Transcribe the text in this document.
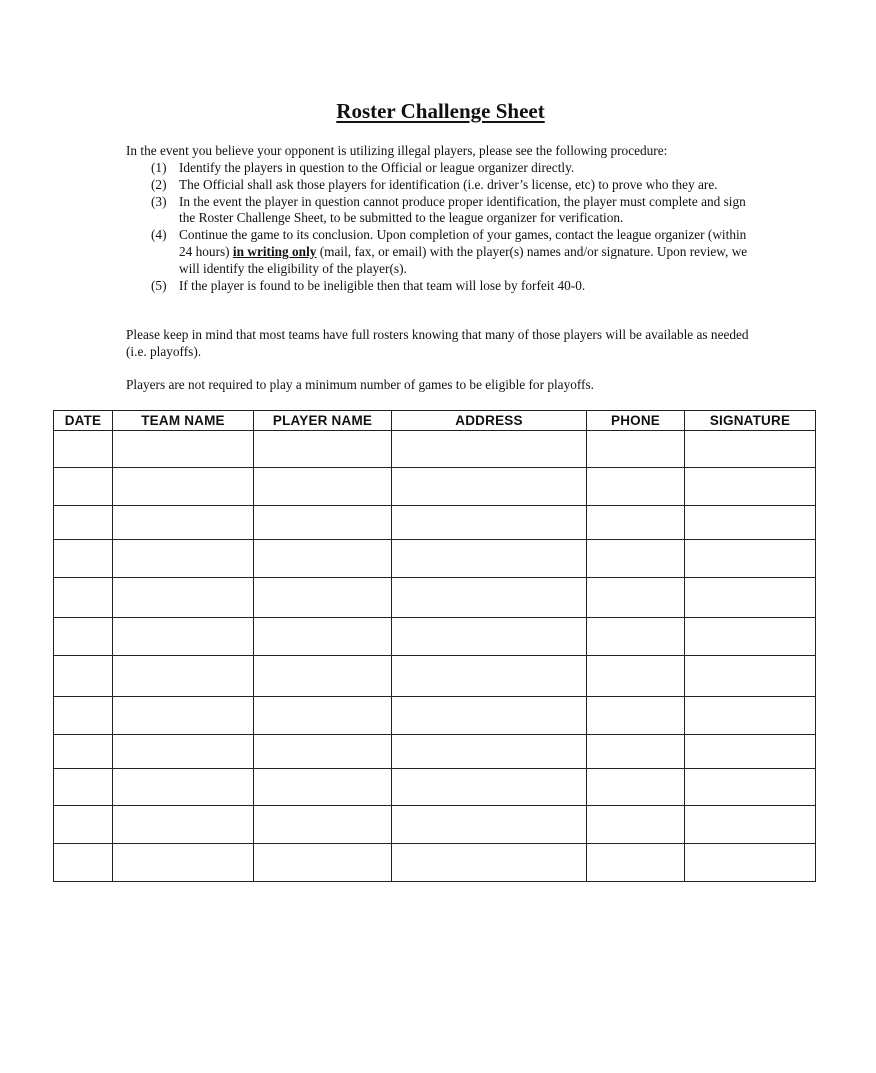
Roster Challenge Sheet
In the event you believe your opponent is utilizing illegal players, please see the following procedure:
(1) Identify the players in question to the Official or league organizer directly.
(2) The Official shall ask those players for identification (i.e. driver’s license, etc) to prove who they are.
(3) In the event the player in question cannot produce proper identification, the player must complete and sign the Roster Challenge Sheet, to be submitted to the league organizer for verification.
(4) Continue the game to its conclusion. Upon completion of your games, contact the league organizer (within 24 hours) in writing only (mail, fax, or email) with the player(s) names and/or signature. Upon review, we will identify the eligibility of the player(s).
(5) If the player is found to be ineligible then that team will lose by forfeit 40-0.
Please keep in mind that most teams have full rosters knowing that many of those players will be available as needed (i.e. playoffs).
Players are not required to play a minimum number of games to be eligible for playoffs.
DATE	TEAM NAME	PLAYER NAME	ADDRESS	PHONE	SIGNATURE
